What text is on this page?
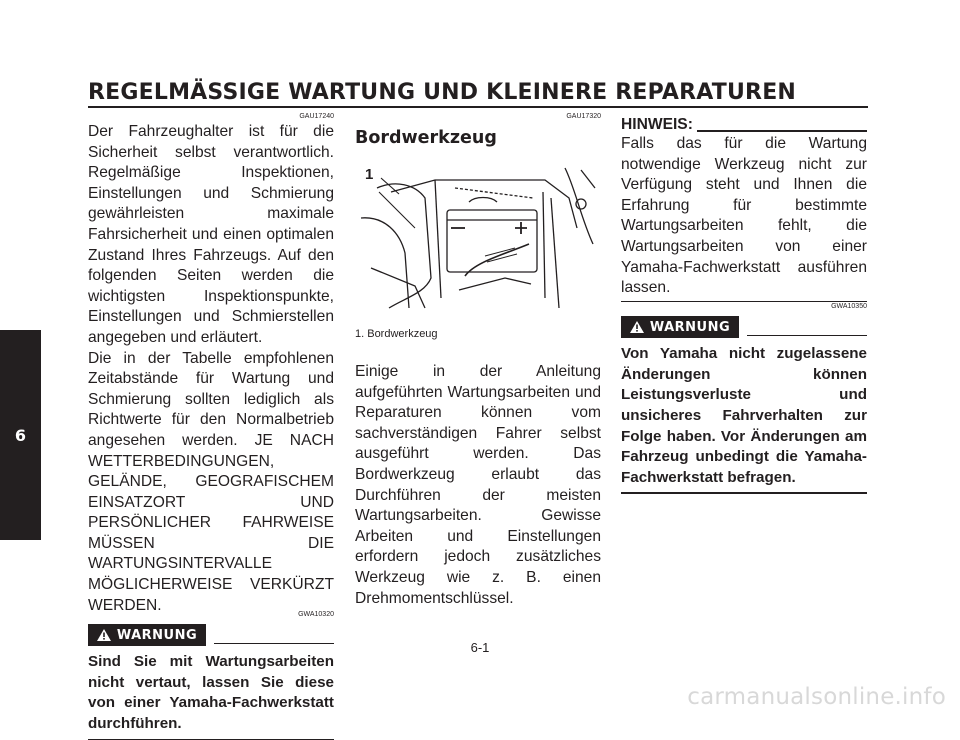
REGELMÄSSIGE WARTUNG UND KLEINERE REPARATUREN
6
GAU17240

Der Fahrzeughalter ist für die Sicherheit selbst verantwortlich. Regelmäßige Inspektionen, Einstellungen und Schmierung gewährleisten maximale Fahrsicherheit und einen optimalen Zustand Ihres Fahrzeugs. Auf den folgenden Seiten werden die wichtigsten Inspektionspunkte, Einstellungen und Schmierstellen angegeben und erläutert.

Die in der Tabelle empfohlenen Zeitabstände für Wartung und Schmierung sollten lediglich als Richtwerte für den Normalbetrieb angesehen werden. JE NACH WETTERBEDINGUNGEN, GELÄNDE, GEOGRAFISCHEM EINSATZORT UND PERSÖNLICHER FAHRWEISE MÜSSEN DIE WARTUNGSINTERVALLE MÖGLICHERWEISE VERKÜRZT WERDEN.

GWA10320
WARNUNG

Sind Sie mit Wartungsarbeiten nicht vertaut, lassen Sie diese von einer Yamaha-Fachwerkstatt durchführen.

GAU17320
Bordwerkzeug
1
1. Bordwerkzeug

Einige in der Anleitung aufgeführten Wartungsarbeiten und Reparaturen können vom sachverständigen Fahrer selbst ausgeführt werden. Das Bordwerkzeug erlaubt das Durchführen der meisten Wartungsarbeiten. Gewisse Arbeiten und Einstellungen erfordern jedoch zusätzliches Werkzeug wie z. B. einen Drehmomentschlüssel.

HINWEIS:

Falls das für die Wartung notwendige Werkzeug nicht zur Verfügung steht und Ihnen die Erfahrung für bestimmte Wartungsarbeiten fehlt, die Wartungsarbeiten von einer Yamaha-Fachwerkstatt ausführen lassen.

GWA10350
WARNUNG

Von Yamaha nicht zugelassene Änderungen können Leistungsverluste und unsicheres Fahrverhalten zur Folge haben. Vor Änderungen am Fahrzeug unbedingt die Yamaha-Fachwerkstatt befragen.

6-1
carmanualsonline.info
